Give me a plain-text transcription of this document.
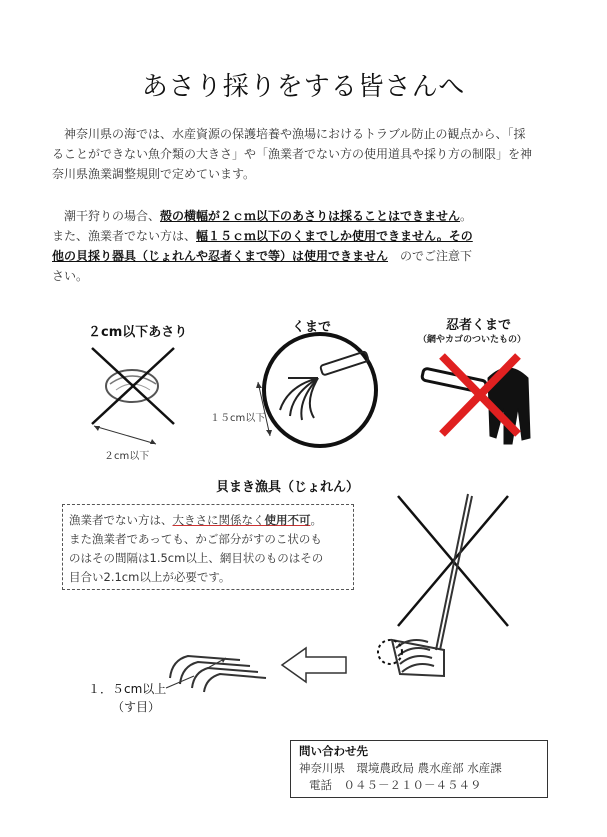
あさり採りをする皆さんへ

神奈川県の海では、水産資源の保護培養や漁場におけるトラブル防止の観点から、「採

ることができない魚介類の大きさ」や「漁業者でない方の使用道具や採り方の制限」を神

奈川県漁業調整規則で定めています。

潮干狩りの場合、殻の横幅が２ｃｍ以下のあさりは採ることはできません。

また、漁業者でない方は、幅１５ｃｍ以下のくまでしか使用できません。その

他の貝採り器具（じょれんや忍者くまで等）は使用できません　 のでご注意下

さい。

２cm以下あさり
２cm以下
くまで
１５cm以下
忍者くまで
（網やカゴのついたもの）
貝まき漁具（じょれん）
漁業者でない方は、大きさに関係なく使用不可。
また漁業者であっても、かご部分がすのこ状のも
のはその間隔は1.5cm以上、網目状のものはその
目合い2.1cm以上が必要です。
１．５cm以上
（す目）
問い合わせ先
神奈川県　環境農政局 農水産部 水産課
電話　 ０４５－２１０－４５４９
